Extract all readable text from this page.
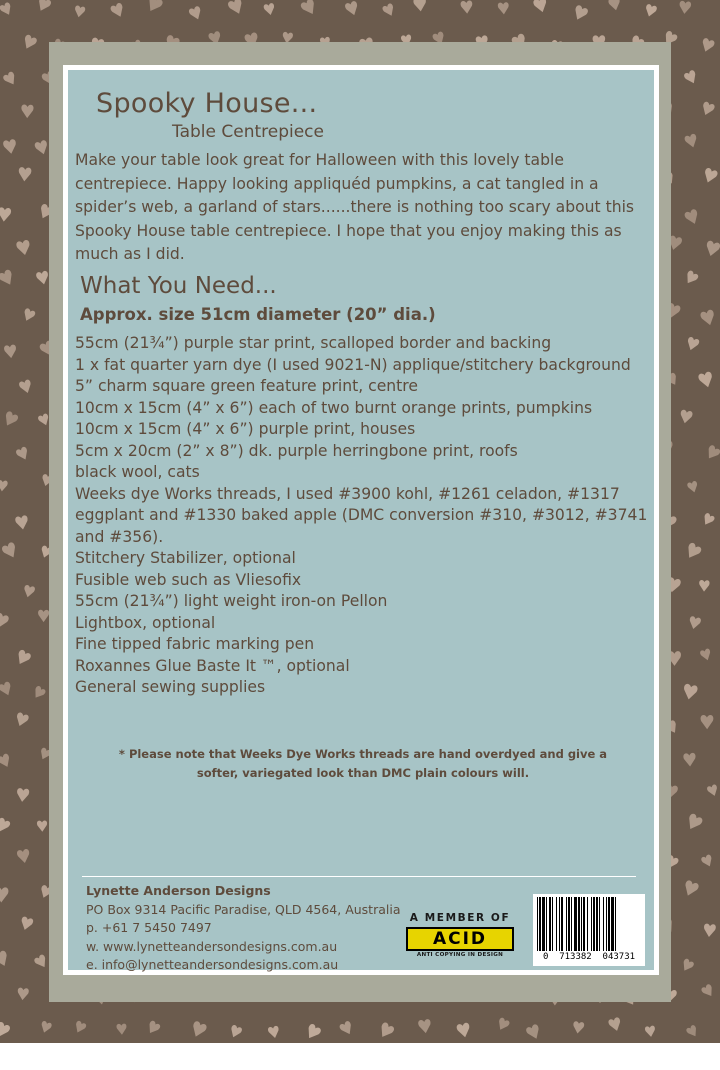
Spooky House...
Table Centrepiece
Make your table look great for Halloween with this lovely table centrepiece. Happy looking appliquéd pumpkins, a cat tangled in a spider’s web, a garland of stars......there is nothing too scary about this Spooky House table centrepiece. I hope that you enjoy making this as much as I did.
What You Need...
Approx. size 51cm diameter (20” dia.)
55cm (21¾”) purple star print, scalloped border and backing
1 x fat quarter yarn dye (I used 9021-N) applique/stitchery background
5” charm square green feature print, centre
10cm x 15cm (4” x 6”) each of two burnt orange prints, pumpkins
10cm x 15cm (4” x 6”) purple print, houses
5cm x 20cm (2” x 8”) dk. purple herringbone print, roofs
black wool, cats
Weeks dye Works threads, I used #3900 kohl, #1261 celadon, #1317 eggplant and #1330 baked apple (DMC conversion #310, #3012, #3741 and #356).
Stitchery Stabilizer, optional
Fusible web such as Vliesofix
55cm (21¾”) light weight iron-on Pellon
Lightbox, optional
Fine tipped fabric marking pen
Roxannes Glue Baste It ™, optional
General sewing supplies
* Please note that Weeks Dye Works threads are hand overdyed and give a softer, variegated look than DMC plain colours will.
Lynette Anderson Designs
PO Box 9314 Pacific Paradise, QLD 4564, Australia
p. +61 7 5450 7497
w. www.lynetteandersondesigns.com.au
e. info@lynetteandersondesigns.com.au
A MEMBER OF
ACID
ANTI COPYING IN DESIGN	0  713382  043731
